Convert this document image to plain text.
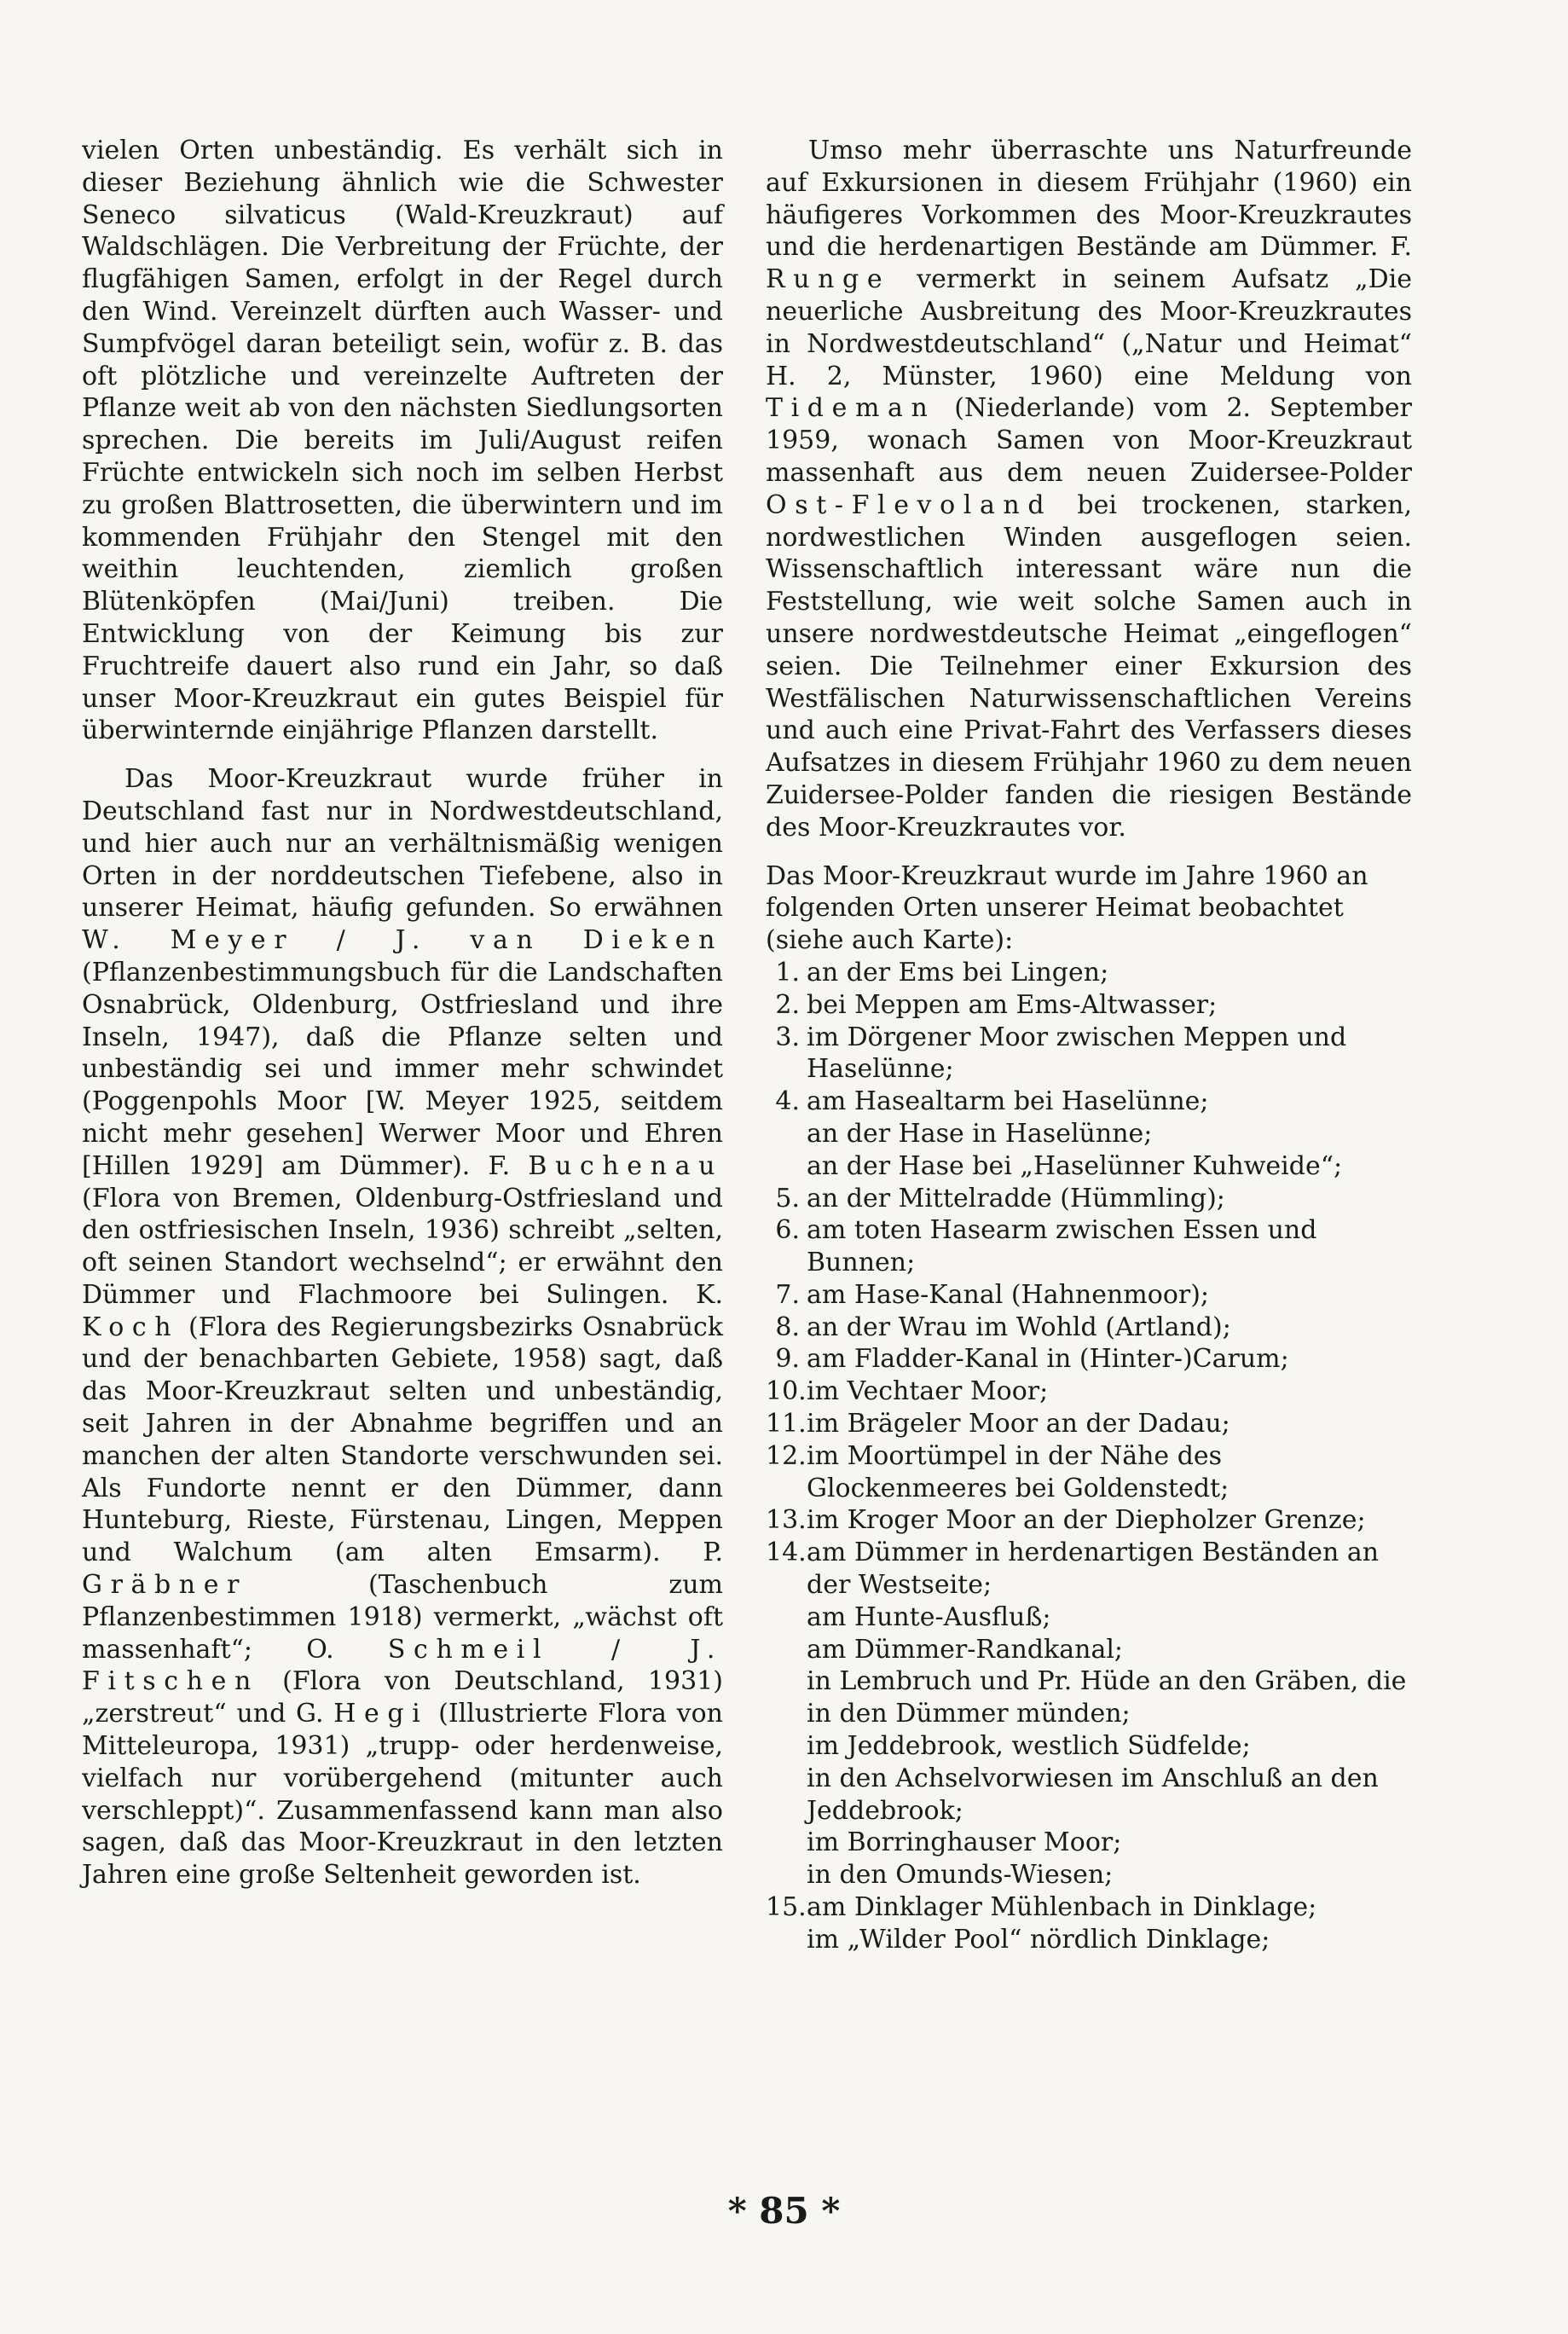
vielen Orten unbeständig. Es verhält sich in dieser Beziehung ähnlich wie die Schwester Seneco silvaticus (Wald-Kreuzkraut) auf Waldschlägen. Die Verbreitung der Früchte, der flugfähigen Samen, erfolgt in der Regel durch den Wind. Vereinzelt dürften auch Wasser- und Sumpfvögel daran beteiligt sein, wofür z. B. das oft plötzliche und vereinzelte Auftreten der Pflanze weit ab von den nächsten Siedlungsorten sprechen. Die bereits im Juli/August reifen Früchte entwickeln sich noch im selben Herbst zu großen Blattrosetten, die überwintern und im kommenden Frühjahr den Stengel mit den weithin leuchtenden, ziemlich großen Blütenköpfen (Mai/Juni) treiben. Die Entwicklung von der Keimung bis zur Fruchtreife dauert also rund ein Jahr, so daß unser Moor-Kreuzkraut ein gutes Beispiel für überwinternde einjährige Pflanzen darstellt.

Das Moor-Kreuzkraut wurde früher in Deutschland fast nur in Nordwestdeutschland, und hier auch nur an verhältnismäßig wenigen Orten in der norddeutschen Tiefebene, also in unserer Heimat, häufig gefunden. So erwähnen W. Meyer / J. van Dieken (Pflanzenbestimmungsbuch für die Landschaften Osnabrück, Oldenburg, Ostfriesland und ihre Inseln, 1947), daß die Pflanze selten und unbeständig sei und immer mehr schwindet (Poggenpohls Moor [W. Meyer 1925, seitdem nicht mehr gesehen] Werwer Moor und Ehren [Hillen 1929] am Dümmer). F. Buchenau (Flora von Bremen, Oldenburg-Ostfriesland und den ostfriesischen Inseln, 1936) schreibt „selten, oft seinen Standort wechselnd“; er erwähnt den Dümmer und Flachmoore bei Sulingen. K. Koch (Flora des Regierungsbezirks Osnabrück und der benachbarten Gebiete, 1958) sagt, daß das Moor-Kreuzkraut selten und unbeständig, seit Jahren in der Abnahme begriffen und an manchen der alten Standorte verschwunden sei. Als Fundorte nennt er den Dümmer, dann Hunteburg, Rieste, Fürstenau, Lingen, Meppen und Walchum (am alten Emsarm). P. Gräbner (Taschenbuch zum Pflanzenbestimmen 1918) vermerkt, „wächst oft massenhaft“; O. Schmeil / J. Fitschen (Flora von Deutschland, 1931) „zerstreut“ und G. Hegi (Illustrierte Flora von Mitteleuropa, 1931) „trupp- oder herdenweise, vielfach nur vorübergehend (mitunter auch verschleppt)“. Zusammenfassend kann man also sagen, daß das Moor-Kreuzkraut in den letzten Jahren eine große Seltenheit geworden ist.

Umso mehr überraschte uns Naturfreunde auf Exkursionen in diesem Frühjahr (1960) ein häufigeres Vorkommen des Moor-Kreuzkrautes und die herdenartigen Bestände am Dümmer. F. Runge vermerkt in seinem Aufsatz „Die neuerliche Ausbreitung des Moor-Kreuzkrautes in Nordwestdeutschland“ („Natur und Heimat“ H. 2, Münster, 1960) eine Meldung von Tideman (Niederlande) vom 2. September 1959, wonach Samen von Moor-Kreuzkraut massenhaft aus dem neuen Zuidersee-Polder Ost-Flevoland bei trockenen, starken, nordwestlichen Winden ausgeflogen seien. Wissenschaftlich interessant wäre nun die Feststellung, wie weit solche Samen auch in unsere nordwestdeutsche Heimat „eingeflogen“ seien. Die Teilnehmer einer Exkursion des Westfälischen Naturwissenschaftlichen Vereins und auch eine Privat-Fahrt des Verfassers dieses Aufsatzes in diesem Frühjahr 1960 zu dem neuen Zuidersee-Polder fanden die riesigen Bestände des Moor-Kreuzkrautes vor.

Das Moor-Kreuzkraut wurde im Jahre 1960 an folgenden Orten unserer Heimat beobachtet (siehe auch Karte):

1. an der Ems bei Lingen;
2. bei Meppen am Ems-Altwasser;
3. im Dörgener Moor zwischen Meppen und Haselünne;
4. am Hasealtarm bei Haselünne;
an der Hase in Haselünne;
an der Hase bei „Haselünner Kuhweide“;
5. an der Mittelradde (Hümmling);
6. am toten Hasearm zwischen Essen und Bunnen;
7. am Hase-Kanal (Hahnenmoor);
8. an der Wrau im Wohld (Artland);
9. am Fladder-Kanal in (Hinter-)Carum;
10. im Vechtaer Moor;
11. im Brägeler Moor an der Dadau;
12. im Moortümpel in der Nähe des Glockenmeeres bei Goldenstedt;
13. im Kroger Moor an der Diepholzer Grenze;
14. am Dümmer in herdenartigen Beständen an der Westseite;
am Hunte-Ausfluß;
am Dümmer-Randkanal;
in Lembruch und Pr. Hüde an den Gräben, die in den Dümmer münden;
im Jeddebrook, westlich Südfelde;
in den Achselvorwiesen im Anschluß an den Jeddebrook;
im Borringhauser Moor;
in den Omunds-Wiesen;
15. am Dinklager Mühlenbach in Dinklage;
im „Wilder Pool“ nördlich Dinklage;
* 85 *
